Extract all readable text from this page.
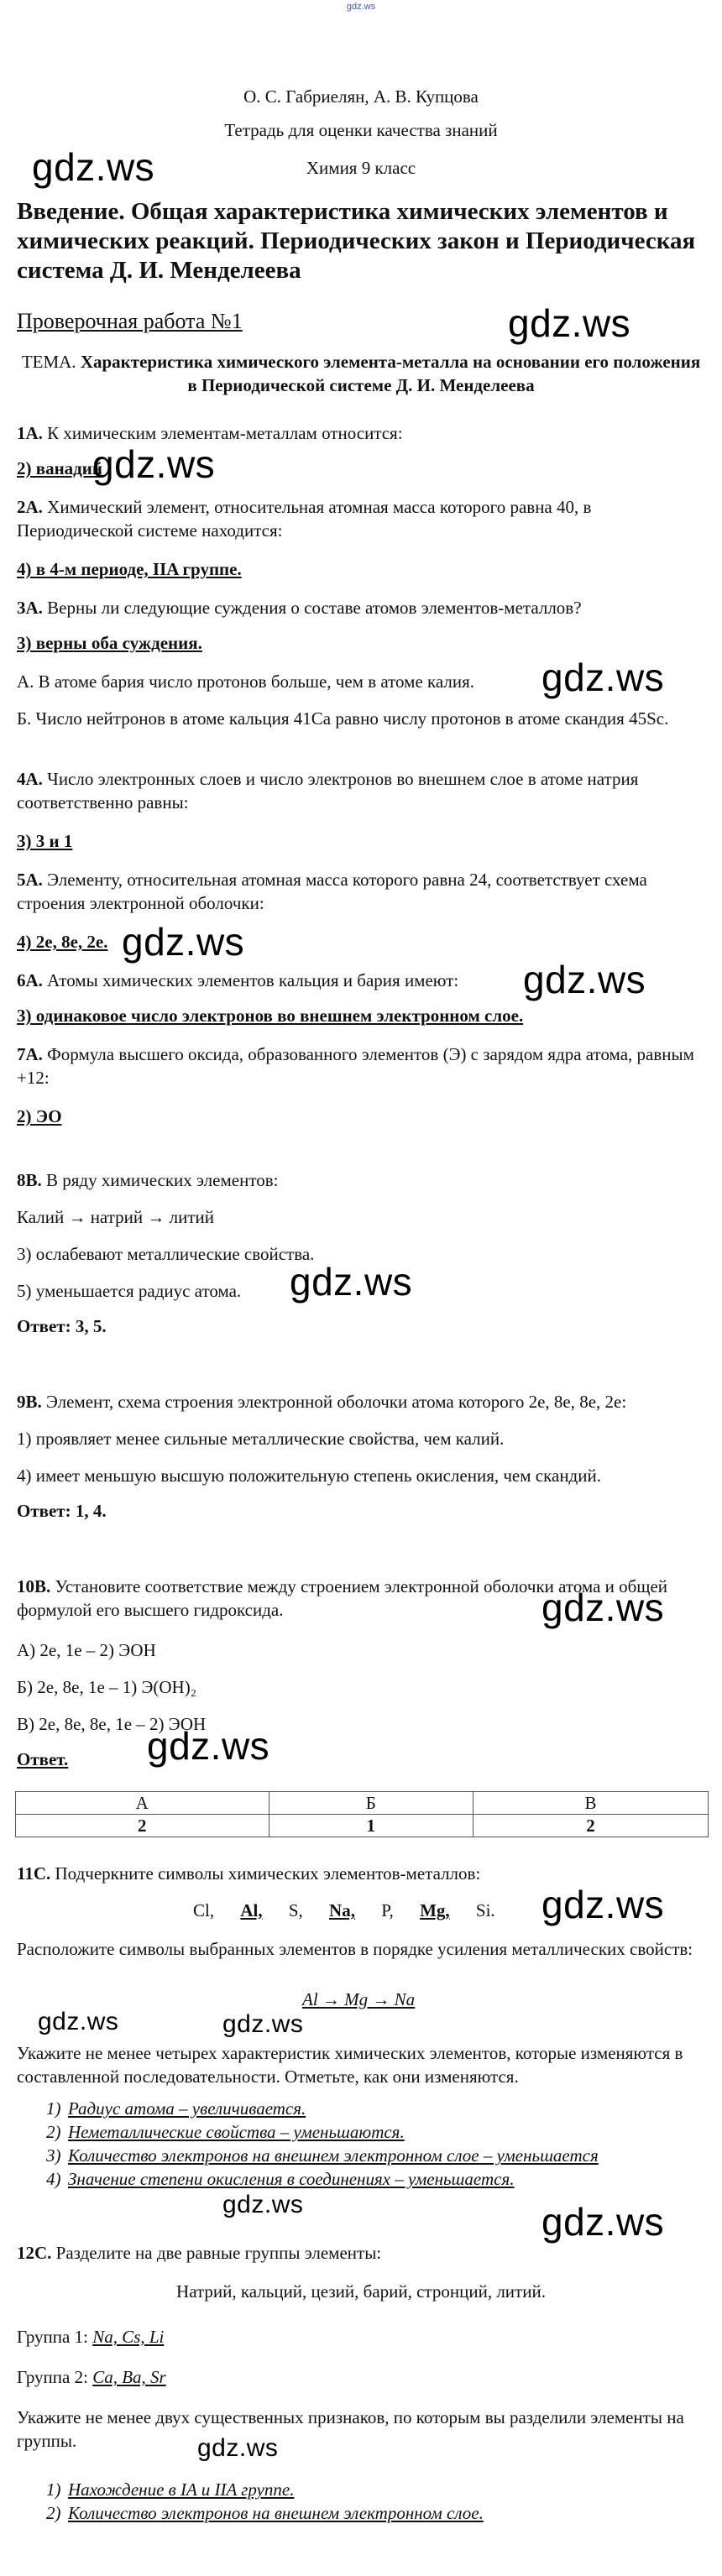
gdz.ws
О. С. Габриелян, А. В. Купцова
Тетрадь для оценки качества знаний
Химия 9 класс
gdz.ws
Введение. Общая характеристика химических элементов и химических реакций. Периодических закон и Периодическая система Д. И. Менделеева
Проверочная работа №1	gdz.ws
ТЕМА. Характеристика химического элемента-металла на основании его положения в Периодической системе Д. И. Менделеева
1А. К химическим элементам-металлам относится:
2) ванадий
gdz.ws
2А. Химический элемент, относительная атомная масса которого равна 40, в Периодической системе находится:
4) в 4-м периоде, IIA группе.
3А. Верны ли следующие суждения о составе атомов элементов-металлов?
3) верны оба суждения.
А. В атоме бария число протонов больше, чем в атоме калия.	gdz.ws
Б. Число нейтронов в атоме кальция 41Са равно числу протонов в атоме скандия 45Sc.
4А. Число электронных слоев и число электронов во внешнем слое в атоме натрия соответственно равны:
3) 3 и 1
5А. Элементу, относительная атомная масса которого равна 24, соответствует схема строения электронной оболочки:
4) 2е, 8е, 2е. gdz.ws
6А. Атомы химических элементов кальция и бария имеют:	gdz.ws
3) одинаковое число электронов во внешнем электронном слое.
7А. Формула высшего оксида, образованного элементов (Э) с зарядом ядра атома, равным +12:
2) ЭО
8В. В ряду химических элементов:
Калий → натрий → литий
3) ослабевают металлические свойства.
5) уменьшается радиус атома.	gdz.ws
Ответ: 3, 5.
9В. Элемент, схема строения электронной оболочки атома которого 2е, 8е, 8е, 2е:
1) проявляет менее сильные металлические свойства, чем калий.
4) имеет меньшую высшую положительную степень окисления, чем скандий.
Ответ: 1, 4.
10В. Установите соответствие между строением электронной оболочки атома и общей формулой его высшего гидроксида.	gdz.ws
А) 2е, 1е – 2) ЭОН
Б) 2е, 8е, 1е – 1) Э(ОН)₂
В) 2е, 8е, 8е, 1е – 2) ЭОН
gdz.ws
Ответ.
А	Б	В
2	1	2
11С. Подчеркните символы химических элементов-металлов:
Cl, Al, S, Na, P, Mg, Si. gdz.ws
Расположите символы выбранных элементов в порядке усиления металлических свойств:
Al → Mg → Na
gdz.ws	gdz.ws
Укажите не менее четырех характеристик химических элементов, которые изменяются в составленной последовательности. Отметьте, как они изменяются.
1) Радиус атома – увеличивается.
2) Неметаллические свойства – уменьшаются.
3) Количество электронов на внешнем электронном слое – уменьшается
4) Значение степени окисления в соединениях – уменьшается.
gdz.ws	gdz.ws
12С. Разделите на две равные группы элементы:
Натрий, кальций, цезий, барий, стронций, литий.
Группа 1: Na, Cs, Li
Группа 2: Ca, Ba, Sr
Укажите не менее двух существенных признаков, по которым вы разделили элементы на группы.	gdz.ws
1) Нахождение в IA и IIA группе.
2) Количество электронов на внешнем электронном слое.
